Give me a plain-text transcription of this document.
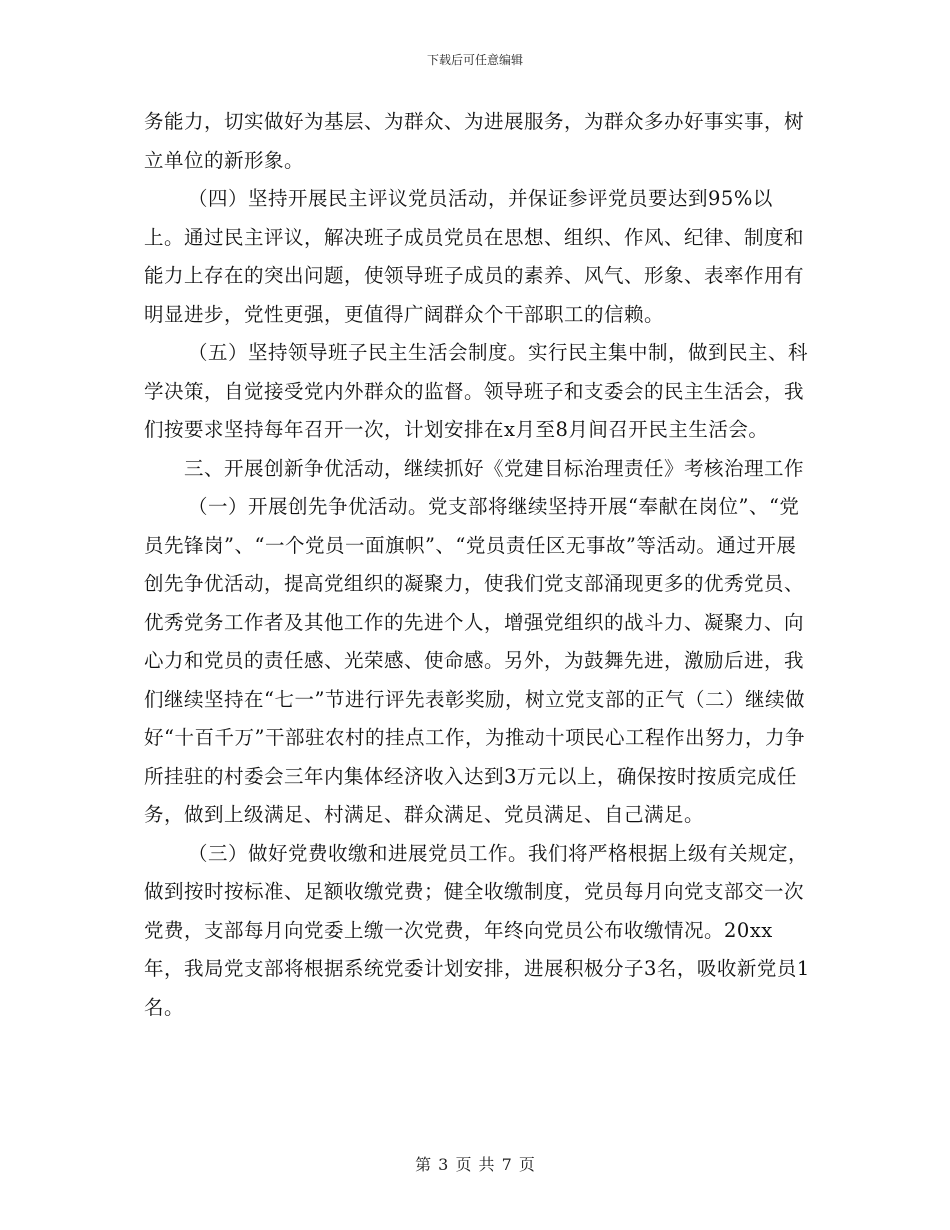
下载后可任意编辑

务能力，切实做好为基层、为群众、为进展服务，为群众多办好事实事，树立单位的新形象。

（四）坚持开展民主评议党员活动，并保证参评党员要达到95%以上。通过民主评议，解决班子成员党员在思想、组织、作风、纪律、制度和能力上存在的突出问题，使领导班子成员的素养、风气、形象、表率作用有明显进步，党性更强，更值得广阔群众个干部职工的信赖。

（五）坚持领导班子民主生活会制度。实行民主集中制，做到民主、科学决策，自觉接受党内外群众的监督。领导班子和支委会的民主生活会，我们按要求坚持每年召开一次，计划安排在x月至8月间召开民主生活会。

三、开展创新争优活动，继续抓好《党建目标治理责任》考核治理工作

（一）开展创先争优活动。党支部将继续坚持开展“奉献在岗位”、“党员先锋岗”、“一个党员一面旗帜”、“党员责任区无事故”等活动。通过开展创先争优活动，提高党组织的凝聚力，使我们党支部涌现更多的优秀党员、优秀党务工作者及其他工作的先进个人，增强党组织的战斗力、凝聚力、向心力和党员的责任感、光荣感、使命感。另外，为鼓舞先进，激励后进，我们继续坚持在“七一”节进行评先表彰奖励，树立党支部的正气（二）继续做好“十百千万”干部驻农村的挂点工作，为推动十项民心工程作出努力，力争所挂驻的村委会三年内集体经济收入达到3万元以上，确保按时按质完成任务，做到上级满足、村满足、群众满足、党员满足、自己满足。

（三）做好党费收缴和进展党员工作。我们将严格根据上级有关规定，做到按时按标准、足额收缴党费；健全收缴制度，党员每月向党支部交一次党费，支部每月向党委上缴一次党费，年终向党员公布收缴情况。20xx年，我局党支部将根据系统党委计划安排，进展积极分子3名，吸收新党员1名。

第 3 页 共 7 页
